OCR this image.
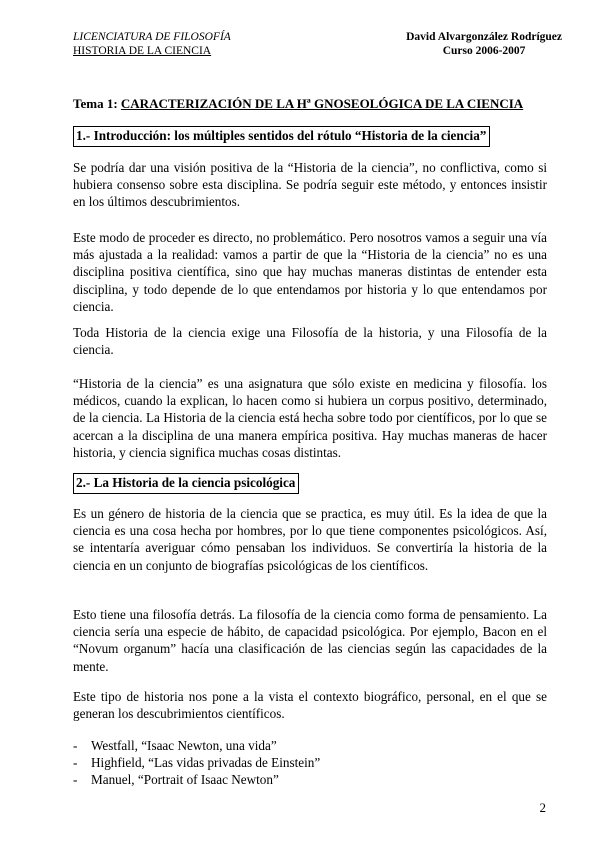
LICENCIATURA DE FILOSOFÍA
HISTORIA DE LA CIENCIA
David Alvargonzález Rodríguez
Curso 2006-2007
Tema 1: CARACTERIZACIÓN DE LA Hª GNOSEOLÓGICA DE LA CIENCIA
1.- Introducción: los múltiples sentidos del rótulo “Historia de la ciencia”

Se podría dar una visión positiva de la “Historia de la ciencia”, no conflictiva, como si hubiera consenso sobre esta disciplina. Se podría seguir este método, y entonces insistir en los últimos descubrimientos.

Este modo de proceder es directo, no problemático. Pero nosotros vamos a seguir una vía más ajustada a la realidad: vamos a partir de que la “Historia de la ciencia” no es una disciplina positiva científica, sino que hay muchas maneras distintas de entender esta disciplina, y todo depende de lo que entendamos por historia y lo que entendamos por ciencia.

Toda Historia de la ciencia exige una Filosofía de la historia, y una Filosofía de la ciencia.

“Historia de la ciencia” es una asignatura que sólo existe en medicina y filosofía. los médicos, cuando la explican, lo hacen como si hubiera un corpus positivo, determinado, de la ciencia. La Historia de la ciencia está hecha sobre todo por científicos, por lo que se acercan a la disciplina de una manera empírica positiva. Hay muchas maneras de hacer historia, y ciencia significa muchas cosas distintas.

2.- La Historia de la ciencia psicológica

Es un género de historia de la ciencia que se practica, es muy útil. Es la idea de que la ciencia es una cosa hecha por hombres, por lo que tiene componentes psicológicos. Así, se intentaría averiguar cómo pensaban los individuos. Se convertiría la historia de la ciencia en un conjunto de biografías psicológicas de los científicos.

Esto tiene una filosofía detrás. La filosofía de la ciencia como forma de pensamiento. La ciencia sería una especie de hábito, de capacidad psicológica. Por ejemplo, Bacon en el “Novum organum” hacía una clasificación de las ciencias según las capacidades de la mente.

Este tipo de historia nos pone a la vista el contexto biográfico, personal, en el que se generan los descubrimientos científicos.

- Westfall, “Isaac Newton, una vida”
- Highfield, “Las vidas privadas de Einstein”
- Manuel, “Portrait of Isaac Newton”
2
